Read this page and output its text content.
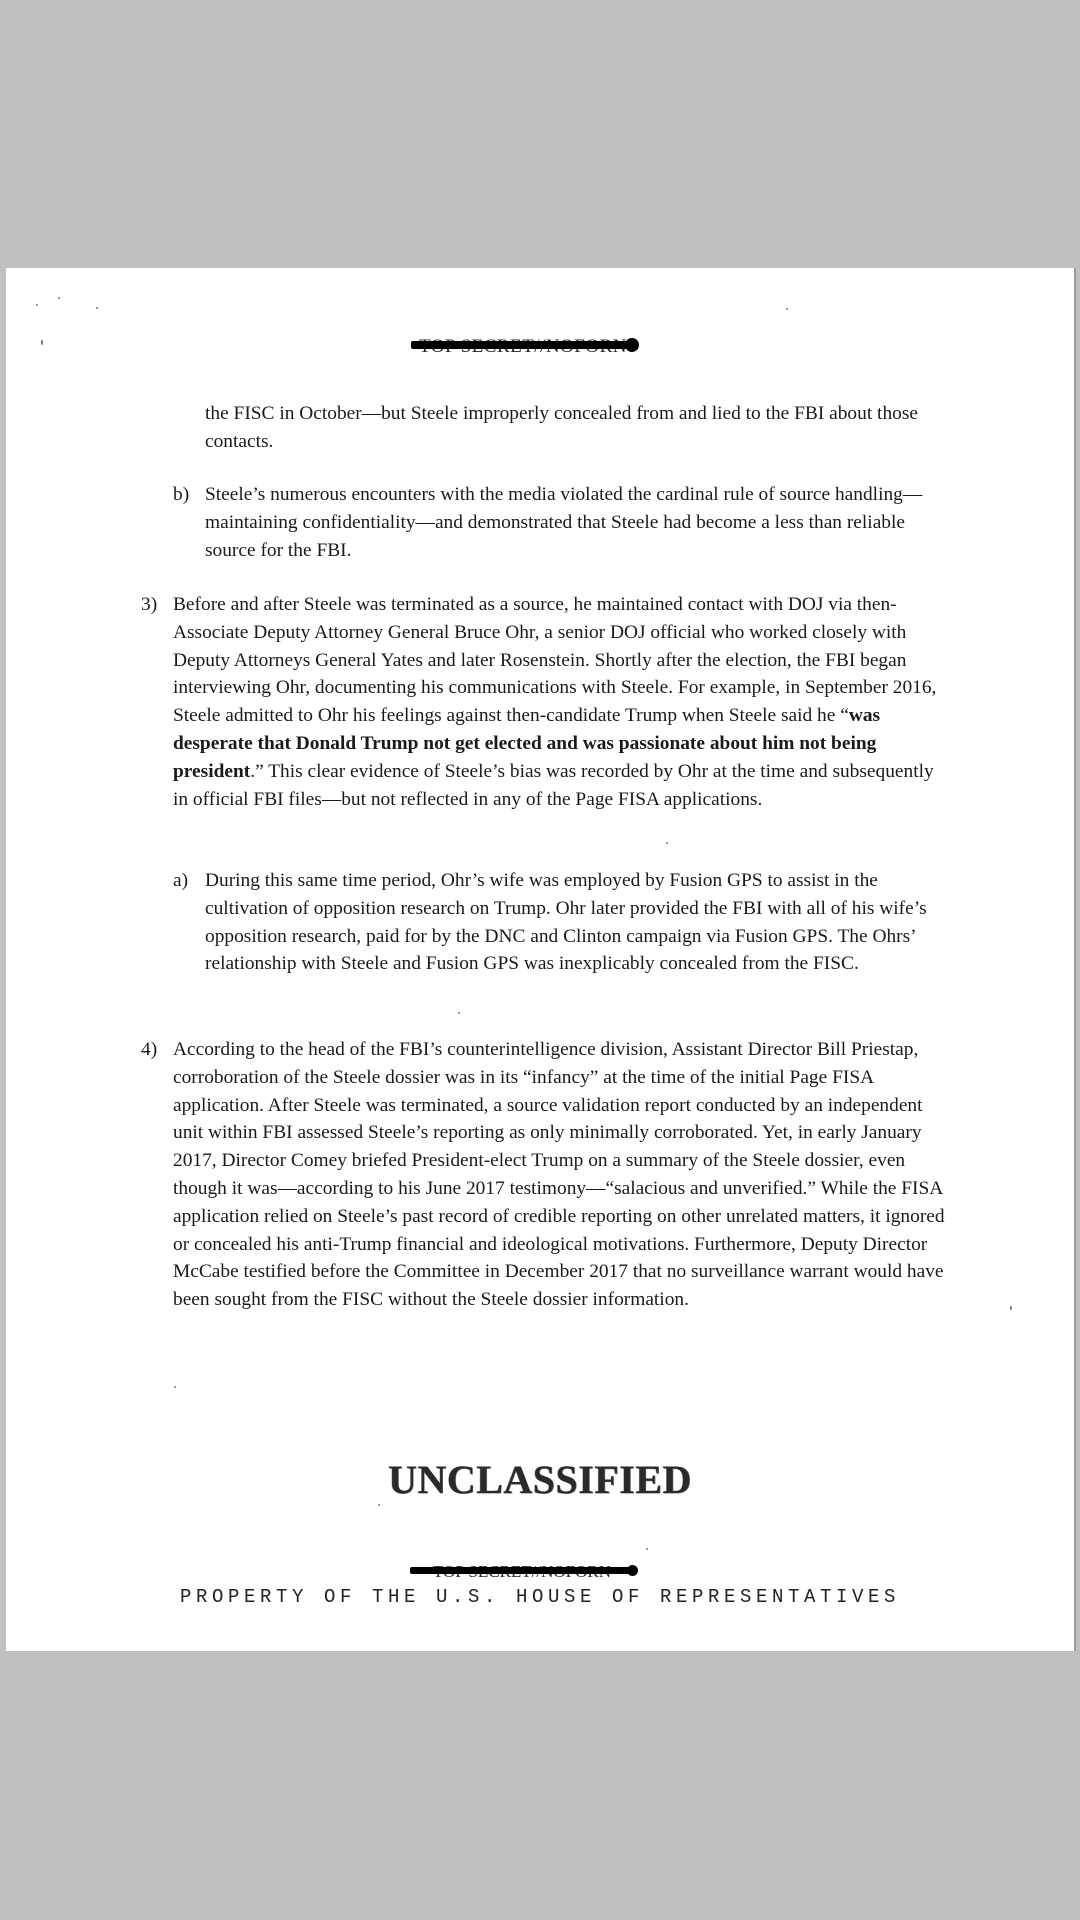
the FISC in October—but Steele improperly concealed from and lied to the FBI about those contacts.

b) Steele’s numerous encounters with the media violated the cardinal rule of source handling—maintaining confidentiality—and demonstrated that Steele had become a less than reliable source for the FBI.

3) Before and after Steele was terminated as a source, he maintained contact with DOJ via then-Associate Deputy Attorney General Bruce Ohr, a senior DOJ official who worked closely with Deputy Attorneys General Yates and later Rosenstein. Shortly after the election, the FBI began interviewing Ohr, documenting his communications with Steele. For example, in September 2016, Steele admitted to Ohr his feelings against then-candidate Trump when Steele said he “was desperate that Donald Trump not get elected and was passionate about him not being president.” This clear evidence of Steele’s bias was recorded by Ohr at the time and subsequently in official FBI files—but not reflected in any of the Page FISA applications.

a) During this same time period, Ohr’s wife was employed by Fusion GPS to assist in the cultivation of opposition research on Trump. Ohr later provided the FBI with all of his wife’s opposition research, paid for by the DNC and Clinton campaign via Fusion GPS. The Ohrs’ relationship with Steele and Fusion GPS was inexplicably concealed from the FISC.

4) According to the head of the FBI’s counterintelligence division, Assistant Director Bill Priestap, corroboration of the Steele dossier was in its “infancy” at the time of the initial Page FISA application. After Steele was terminated, a source validation report conducted by an independent unit within FBI assessed Steele’s reporting as only minimally corroborated. Yet, in early January 2017, Director Comey briefed President-elect Trump on a summary of the Steele dossier, even though it was—according to his June 2017 testimony—“salacious and unverified.” While the FISA application relied on Steele’s past record of credible reporting on other unrelated matters, it ignored or concealed his anti-Trump financial and ideological motivations. Furthermore, Deputy Director McCabe testified before the Committee in December 2017 that no surveillance warrant would have been sought from the FISC without the Steele dossier information.

UNCLASSIFIED
PROPERTY OF THE U.S. HOUSE OF REPRESENTATIVES
